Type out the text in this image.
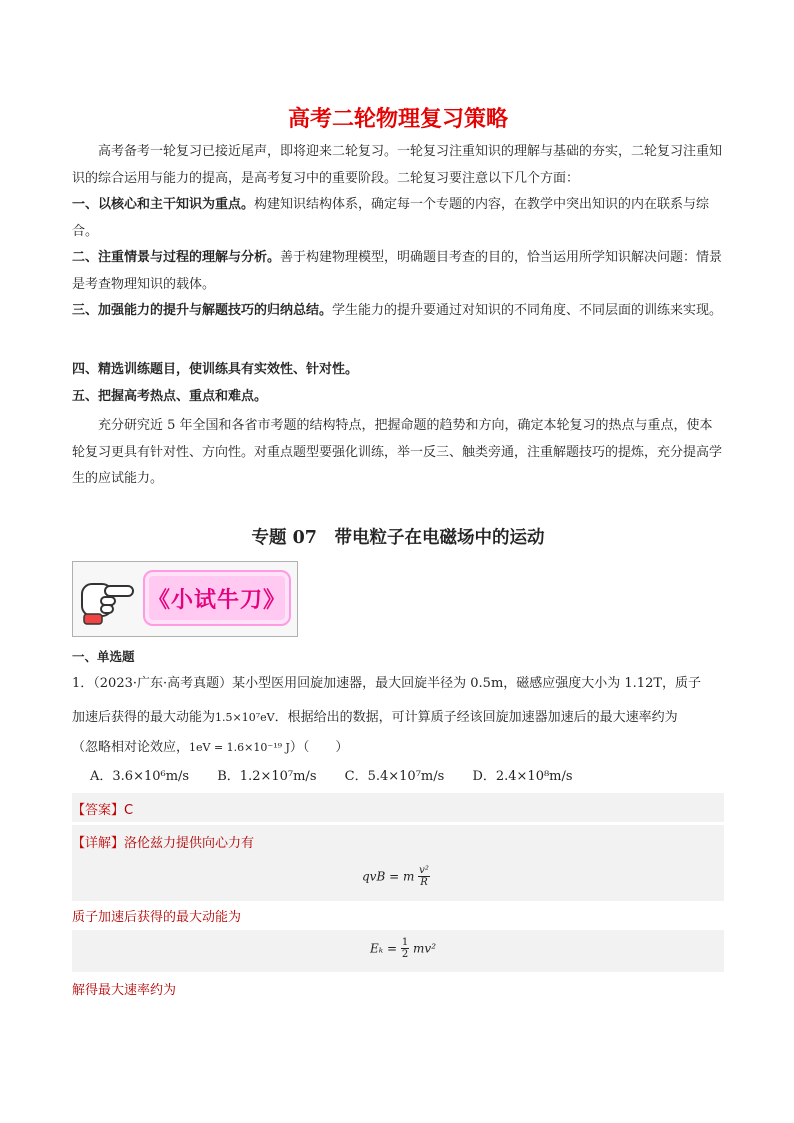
高考二轮物理复习策略
高考备考一轮复习已接近尾声，即将迎来二轮复习。一轮复习注重知识的理解与基础的夯实，二轮复习注重知识的综合运用与能力的提高，是高考复习中的重要阶段。二轮复习要注意以下几个方面：
一、以核心和主干知识为重点。构建知识结构体系，确定每一个专题的内容，在教学中突出知识的内在联系与综合。
二、注重情景与过程的理解与分析。善于构建物理模型，明确题目考查的目的，恰当运用所学知识解决问题：情景是考查物理知识的载体。
三、加强能力的提升与解题技巧的归纳总结。学生能力的提升要通过对知识的不同角度、不同层面的训练来实现。
四、精选训练题目，使训练具有实效性、针对性。
五、把握高考热点、重点和难点。
充分研究近 5 年全国和各省市考题的结构特点，把握命题的趋势和方向，确定本轮复习的热点与重点，使本轮复习更具有针对性、方向性。对重点题型要强化训练，举一反三、触类旁通，注重解题技巧的提炼，充分提高学生的应试能力。
专题 07　带电粒子在电磁场中的运动
《小试牛刀》
一、单选题
1．（2023·广东·高考真题）某小型医用回旋加速器，最大回旋半径为 0.5m，磁感应强度大小为 1.12T，质子
加速后获得的最大动能为1.5×10⁷eV．根据给出的数据，可计算质子经该回旋加速器加速后的最大速率约为
（忽略相对论效应，1eV = 1.6×10⁻¹⁹ J）（　　）
A．3.6×10⁶m/s B．1.2×10⁷m/s C．5.4×10⁷m/s D．2.4×10⁸m/s
【答案】C
【详解】洛伦兹力提供向心力有
qvB = m $\frac{\text{v²}}{R}$
质子加速后获得的最大动能为
$E_k = \frac{1}{2} mv^2$
解得最大速率约为
